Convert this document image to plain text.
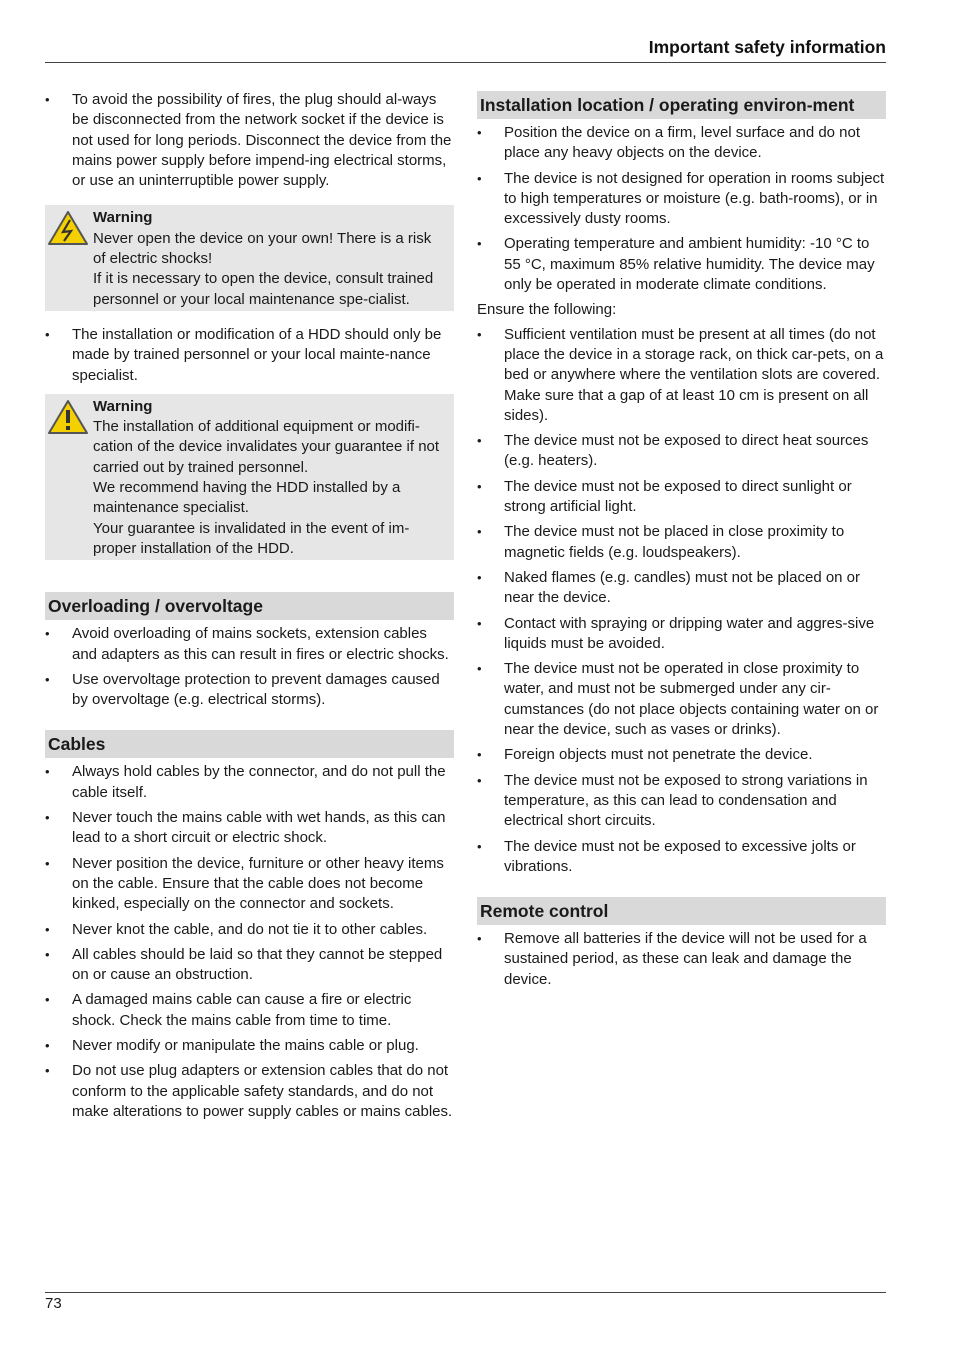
Important safety information
• To avoid the possibility of fires, the plug should al-ways be disconnected from the network socket if the device is not used for long periods. Disconnect the device from the mains power supply before impend-ing electrical storms, or use an uninterruptible power supply.
Warning
Never open the device on your own! There is a risk of electric shocks!
If it is necessary to open the device, consult trained personnel or your local maintenance spe-cialist.
• The installation or modification of a HDD should only be made by trained personnel or your local mainte-nance specialist.
Warning
The installation of additional equipment or modifi-cation of the device invalidates your guarantee if not carried out by trained personnel.
We recommend having the HDD installed by a maintenance specialist.
Your guarantee is invalidated in the event of im-proper installation of the HDD.
Overloading / overvoltage
• Avoid overloading of mains sockets, extension cables and adapters as this can result in fires or electric shocks.
• Use overvoltage protection to prevent damages caused by overvoltage (e.g. electrical storms).
Cables
• Always hold cables by the connector, and do not pull the cable itself.
• Never touch the mains cable with wet hands, as this can lead to a short circuit or electric shock.
• Never position the device, furniture or other heavy items on the cable. Ensure that the cable does not become kinked, especially on the connector and sockets.
• Never knot the cable, and do not tie it to other cables.
• All cables should be laid so that they cannot be stepped on or cause an obstruction.
• A damaged mains cable can cause a fire or electric shock. Check the mains cable from time to time.
• Never modify or manipulate the mains cable or plug.
• Do not use plug adapters or extension cables that do not conform to the applicable safety standards, and do not make alterations to power supply cables or mains cables.
Installation location / operating environ-ment
• Position the device on a firm, level surface and do not place any heavy objects on the device.
• The device is not designed for operation in rooms subject to high temperatures or moisture (e.g. bath-rooms), or in excessively dusty rooms.
• Operating temperature and ambient humidity: -10 °C to 55 °C, maximum 85% relative humidity. The device may only be operated in moderate climate conditions.

Ensure the following:

• Sufficient ventilation must be present at all times (do not place the device in a storage rack, on thick car-pets, on a bed or anywhere where the ventilation slots are covered. Make sure that a gap of at least 10 cm is present on all sides).
• The device must not be exposed to direct heat sources (e.g. heaters).
• The device must not be exposed to direct sunlight or strong artificial light.
• The device must not be placed in close proximity to magnetic fields (e.g. loudspeakers).
• Naked flames (e.g. candles) must not be placed on or near the device.
• Contact with spraying or dripping water and aggres-sive liquids must be avoided.
• The device must not be operated in close proximity to water, and must not be submerged under any cir-cumstances (do not place objects containing water on or near the device, such as vases or drinks).
• Foreign objects must not penetrate the device.
• The device must not be exposed to strong variations in temperature, as this can lead to condensation and electrical short circuits.
• The device must not be exposed to excessive jolts or vibrations.
Remote control
• Remove all batteries if the device will not be used for a sustained period, as these can leak and damage the device.
73
